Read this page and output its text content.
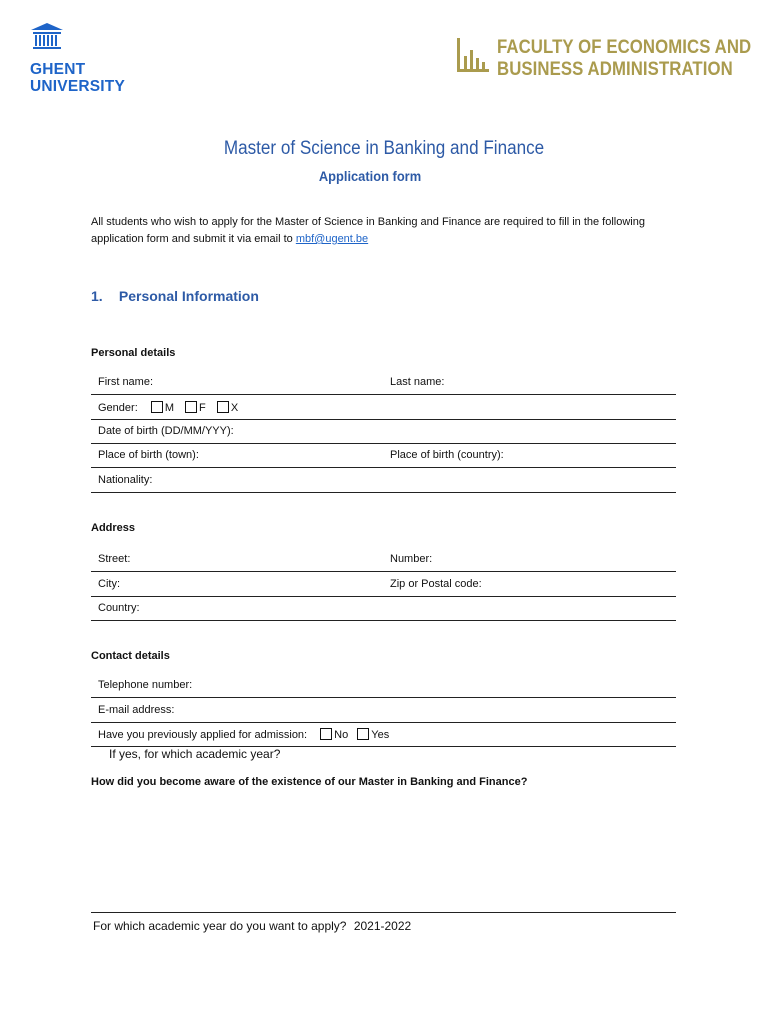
GHENT
UNIVERSITY
FACULTY OF ECONOMICS AND
BUSINESS ADMINISTRATION
Master of Science in Banking and Finance
Application form
All students who wish to apply for the Master of Science in Banking and Finance are required to fill in the following application form and submit it via email to mbf@ugent.be
1. Personal Information
Personal details
First name:	Last name:
Gender: M F X
Date of birth (DD/MM/YYY):
Place of birth (town):	Place of birth (country):
Nationality:
Address
Street:	Number:
City:	Zip or Postal code:
Country:
Contact details
Telephone number:
E-mail address:
Have you previously applied for admission: No Yes
If yes, for which academic year?
How did you become aware of the existence of our Master in Banking and Finance?
For which academic year do you want to apply? 2021-2022
